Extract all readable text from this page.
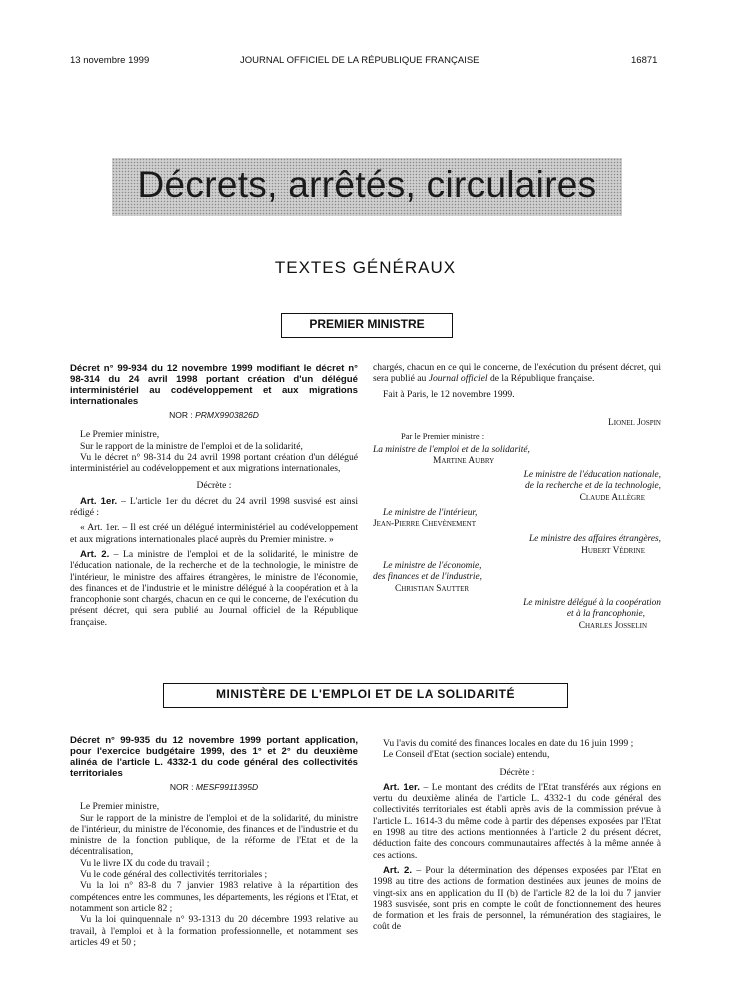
13 novembre 1999	JOURNAL OFFICIEL DE LA RÉPUBLIQUE FRANÇAISE	16871
Décrets, arrêtés, circulaires
TEXTES GÉNÉRAUX
PREMIER MINISTRE

Décret n° 99-934 du 12 novembre 1999 modifiant le décret n° 98-314 du 24 avril 1998 portant création d'un délégué interministériel au codéveloppement et aux migrations internationales

NOR : PRMX9903826D

Le Premier ministre,

Sur le rapport de la ministre de l'emploi et de la solidarité,

Vu le décret n° 98-314 du 24 avril 1998 portant création d'un délégué interministériel au codéveloppement et aux migrations internationales,

Décrète :

Art. 1er. – L'article 1er du décret du 24 avril 1998 susvisé est ainsi rédigé :

« Art. 1er. – Il est créé un délégué interministériel au codéveloppement et aux migrations internationales placé auprès du Premier ministre. »

Art. 2. – La ministre de l'emploi et de la solidarité, le ministre de l'éducation nationale, de la recherche et de la technologie, le ministre de l'intérieur, le ministre des affaires étrangères, le ministre de l'économie, des finances et de l'industrie et le ministre délégué à la coopération et à la francophonie sont chargés, chacun en ce qui le concerne, de l'exécution du présent décret, qui sera publié au Journal officiel de la République française.

chargés, chacun en ce qui le concerne, de l'exécution du présent décret, qui sera publié au Journal officiel de la République française.

Fait à Paris, le 12 novembre 1999.

Lionel Jospin
Par le Premier ministre :
La ministre de l'emploi et de la solidarité,
Martine Aubry
Le ministre de l'éducation nationale,
de la recherche et de la technologie,
Claude Allègre
Le ministre de l'intérieur,
Jean-Pierre Chevènement
Le ministre des affaires étrangères,
Hubert Védrine
Le ministre de l'économie,
des finances et de l'industrie,
Christian Sautter
Le ministre délégué à la coopération
et à la francophonie,
Charles Josselin
MINISTÈRE DE L'EMPLOI ET DE LA SOLIDARITÉ

Décret n° 99-935 du 12 novembre 1999 portant application, pour l'exercice budgétaire 1999, des 1° et 2° du deuxième alinéa de l'article L. 4332-1 du code général des collectivités territoriales

NOR : MESF9911395D

Le Premier ministre,

Sur le rapport de la ministre de l'emploi et de la solidarité, du ministre de l'intérieur, du ministre de l'économie, des finances et de l'industrie et du ministre de la fonction publique, de la réforme de l'Etat et de la décentralisation,

Vu le livre IX du code du travail ;

Vu le code général des collectivités territoriales ;

Vu la loi n° 83-8 du 7 janvier 1983 relative à la répartition des compétences entre les communes, les départements, les régions et l'Etat, et notamment son article 82 ;

Vu la loi quinquennale n° 93-1313 du 20 décembre 1993 relative au travail, à l'emploi et à la formation professionnelle, et notamment ses articles 49 et 50 ;

Vu l'avis du comité des finances locales en date du 16 juin 1999 ;

Le Conseil d'Etat (section sociale) entendu,

Décrète :

Art. 1er. – Le montant des crédits de l'Etat transférés aux régions en vertu du deuxième alinéa de l'article L. 4332-1 du code général des collectivités territoriales est établi après avis de la commission prévue à l'article L. 1614-3 du même code à partir des dépenses exposées par l'Etat en 1998 au titre des actions mentionnées à l'article 2 du présent décret, déduction faite des concours communautaires affectés à la même année à ces actions.

Art. 2. – Pour la détermination des dépenses exposées par l'Etat en 1998 au titre des actions de formation destinées aux jeunes de moins de vingt-six ans en application du II (b) de l'article 82 de la loi du 7 janvier 1983 susvisée, sont pris en compte le coût de fonctionnement des heures de formation et les frais de personnel, la rémunération des stagiaires, le coût de
